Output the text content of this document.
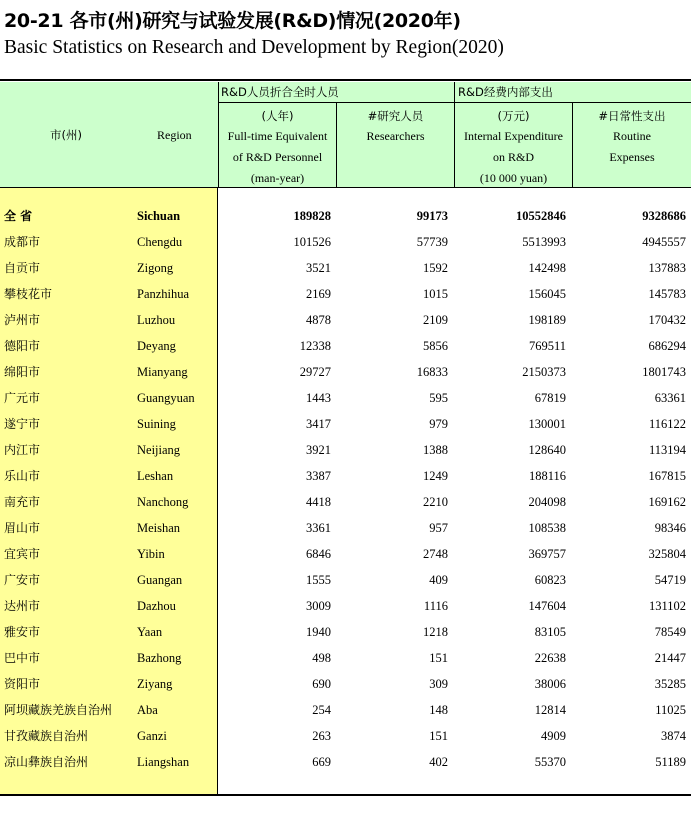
20-21 各市(州)研究与试验发展(R&D)情况(2020年)
Basic Statistics on Research and Development by Region(2020)
市(州)	Region
R&D人员折合全时人员	R&D经费内部支出
(人年)
Full-time Equivalent
of R&D Personnel
(man-year)
#研究人员
Researchers
(万元)
Internal Expenditure
on R&D
(10 000 yuan)
#日常性支出
Routine
Expenses
全 省	Sichuan	189828	99173	10552846	9328686
成都市	Chengdu	101526	57739	5513993	4945557
自贡市	Zigong	3521	1592	142498	137883
攀枝花市	Panzhihua	2169	1015	156045	145783
泸州市	Luzhou	4878	2109	198189	170432
德阳市	Deyang	12338	5856	769511	686294
绵阳市	Mianyang	29727	16833	2150373	1801743
广元市	Guangyuan	1443	595	67819	63361
遂宁市	Suining	3417	979	130001	116122
内江市	Neijiang	3921	1388	128640	113194
乐山市	Leshan	3387	1249	188116	167815
南充市	Nanchong	4418	2210	204098	169162
眉山市	Meishan	3361	957	108538	98346
宜宾市	Yibin	6846	2748	369757	325804
广安市	Guangan	1555	409	60823	54719
达州市	Dazhou	3009	1116	147604	131102
雅安市	Yaan	1940	1218	83105	78549
巴中市	Bazhong	498	151	22638	21447
资阳市	Ziyang	690	309	38006	35285
阿坝藏族羌族自治州 Aba	254	148	12814	11025
甘孜藏族自治州	Ganzi	263	151	4909	3874
凉山彝族自治州	Liangshan	669	402	55370	51189
